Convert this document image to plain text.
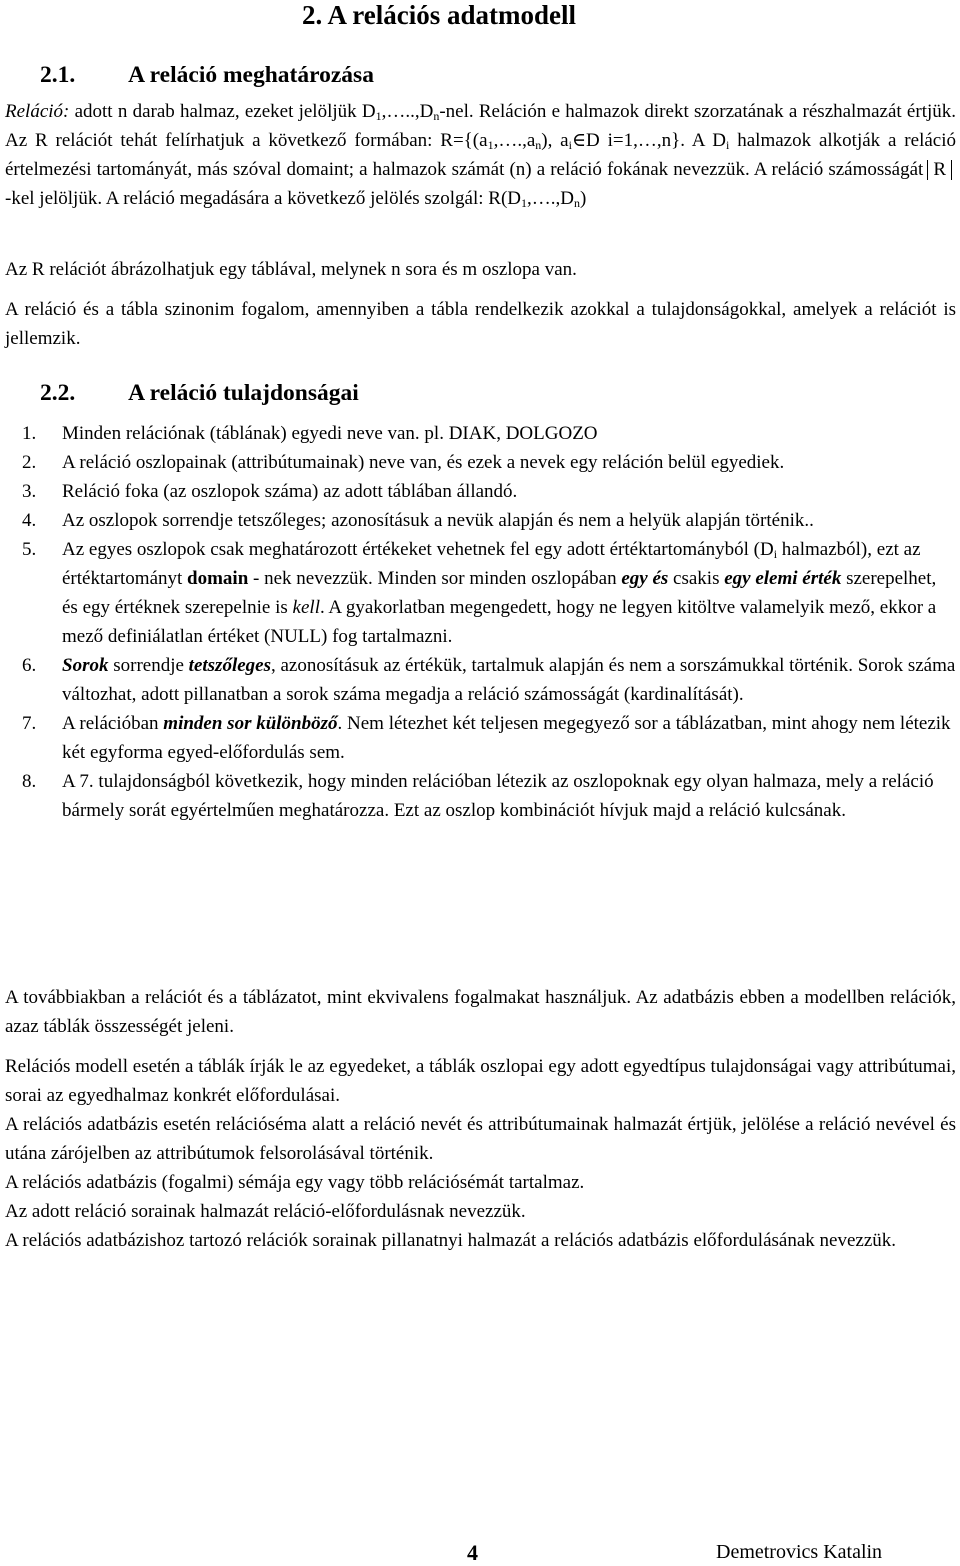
2. A relációs adatmodell
2.1. A reláció meghatározása
Reláció: adott n darab halmaz, ezeket jelöljük $D_1,\dots..,D_n$-nel. Reláción e halmazok direkt szorzatának a részhalmazát értjük. Az R relációt tehát felírhatjuk a következő formában: $R=\{(a_1,\dots.,a_n)$, $a_i\in D$ i=1,…,n}. A $D_i$ halmazok alkotják a reláció értelmezési tartományát, más szóval domaint; a halmazok számát (n) a reláció fokának nevezzük. A reláció számosságát R-kel jelöljük. A reláció megadására a következő jelölés szolgál: $R(D_1,\dots.,D_n)$
Az R relációt ábrázolhatjuk egy táblával, melynek n sora és m oszlopa van.
A reláció és a tábla szinonim fogalom, amennyiben a tábla rendelkezik azokkal a tulajdonságokkal, amelyek a relációt is jellemzik.
2.2. A reláció tulajdonságai
1.	Minden relációnak (táblának) egyedi neve van. pl. DIAK, DOLGOZO
2.	A reláció oszlopainak (attribútumainak) neve van, és ezek a nevek egy reláción belül egyediek.
3.	Reláció foka (az oszlopok száma) az adott táblában állandó.
4.	Az oszlopok sorrendje tetszőleges; azonosításuk a nevük alapján és nem a helyük alapján történik..
5.	Az egyes oszlopok csak meghatározott értékeket vehetnek fel egy adott értéktartományból ($D_i$ halmazból), ezt az értéktartományt domain - nek nevezzük. Minden sor minden oszlopában egy és csakis egy elemi érték szerepelhet, és egy értéknek szerepelnie is kell. A gyakorlatban megengedett, hogy ne legyen kitöltve valamelyik mező, ekkor a mező definiálatlan értéket (NULL) fog tartalmazni.
6.	Sorok sorrendje tetszőleges, azonosításuk az értékük, tartalmuk alapján és nem a sorszámukkal történik. Sorok száma változhat, adott pillanatban a sorok száma megadja a reláció számosságát (kardinalítását).
7.	A relációban minden sor különböző. Nem létezhet két teljesen megegyező sor a táblázatban, mint ahogy nem létezik két egyforma egyed-előfordulás sem.
8.	A 7. tulajdonságból következik, hogy minden relációban létezik az oszlopoknak egy olyan halmaza, mely a reláció bármely sorát egyértelműen meghatározza. Ezt az oszlop kombinációt hívjuk majd a reláció kulcsának.
A továbbiakban a relációt és a táblázatot, mint ekvivalens fogalmakat használjuk. Az adatbázis ebben a modellben relációk, azaz táblák összességét jeleni.
Relációs modell esetén a táblák írják le az egyedeket, a táblák oszlopai egy adott egyedtípus tulajdonságai vagy attribútumai, sorai az egyedhalmaz konkrét előfordulásai.
A relációs adatbázis esetén relációséma alatt a reláció nevét és attribútumainak halmazát értjük, jelölése a reláció nevével és utána zárójelben az attribútumok felsorolásával történik.
A relációs adatbázis (fogalmi) sémája egy vagy több relációsémát tartalmaz.
Az adott reláció sorainak halmazát reláció-előfordulásnak nevezzük.
A relációs adatbázishoz tartozó relációk sorainak pillanatnyi halmazát a relációs adatbázis előfordulásának nevezzük.
4	Demetrovics Katalin
